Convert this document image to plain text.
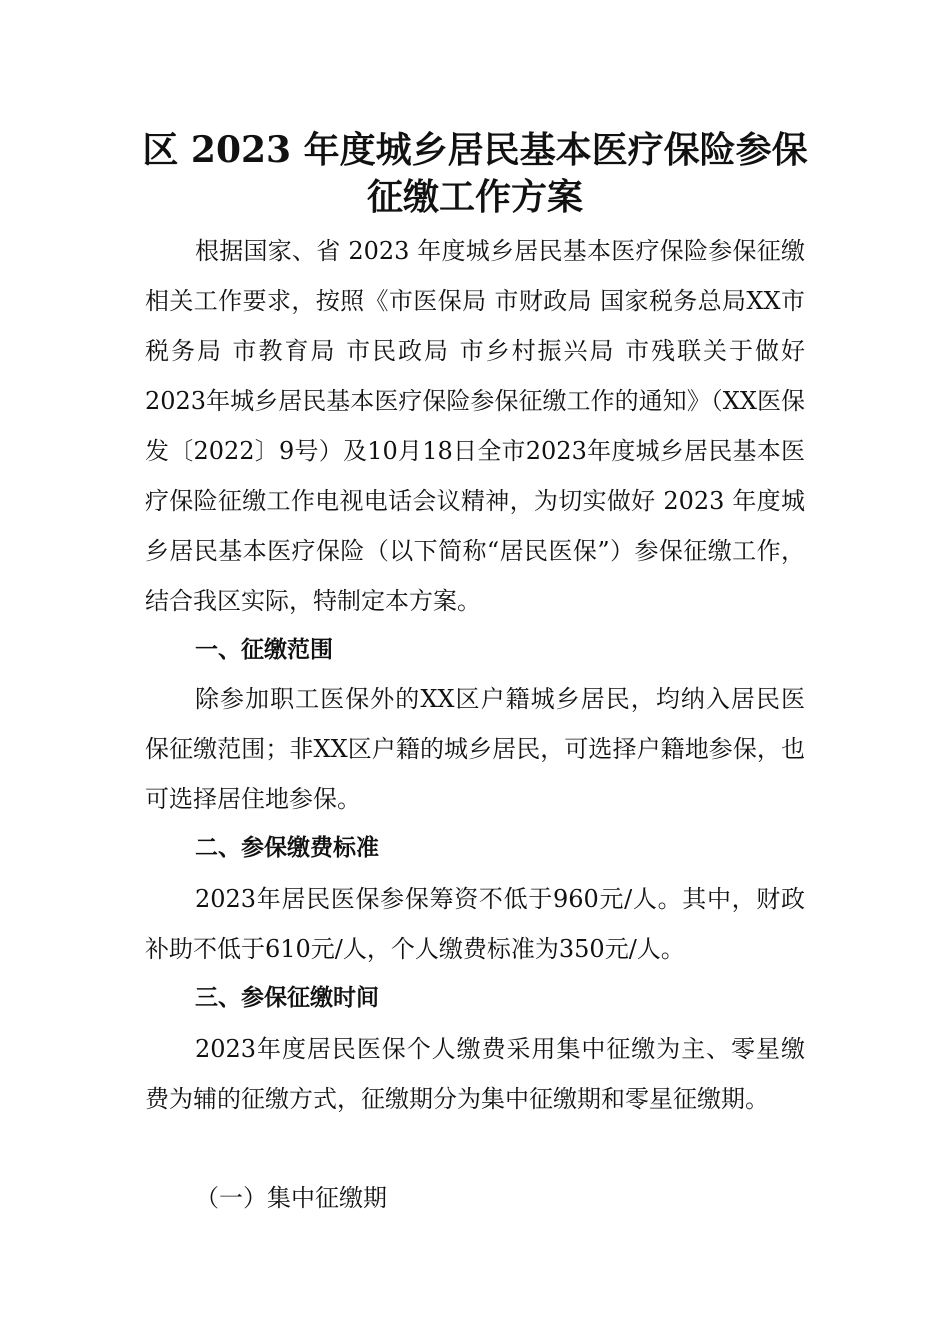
区 2023 年度城乡居民基本医疗保险参保
征缴工作方案
根据国家、省 2023 年度城乡居民基本医疗保险参保征缴相关工作要求，按照《市医保局 市财政局 国家税务总局XX市税务局 市教育局 市民政局 市乡村振兴局 市残联关于做好2023年城乡居民基本医疗保险参保征缴工作的通知》（XX医保发〔2022〕9号）及10月18日全市2023年度城乡居民基本医疗保险征缴工作电视电话会议精神，为切实做好 2023 年度城乡居民基本医疗保险（以下简称“居民医保”）参保征缴工作，结合我区实际，特制定本方案。
一、征缴范围
除参加职工医保外的XX区户籍城乡居民，均纳入居民医保征缴范围；非XX区户籍的城乡居民，可选择户籍地参保，也可选择居住地参保。
二、参保缴费标准
2023年居民医保参保筹资不低于960元/人。其中，财政补助不低于610元/人，个人缴费标准为350元/人。
三、参保征缴时间
2023年度居民医保个人缴费采用集中征缴为主、零星缴费为辅的征缴方式，征缴期分为集中征缴期和零星征缴期。
（一）集中征缴期
